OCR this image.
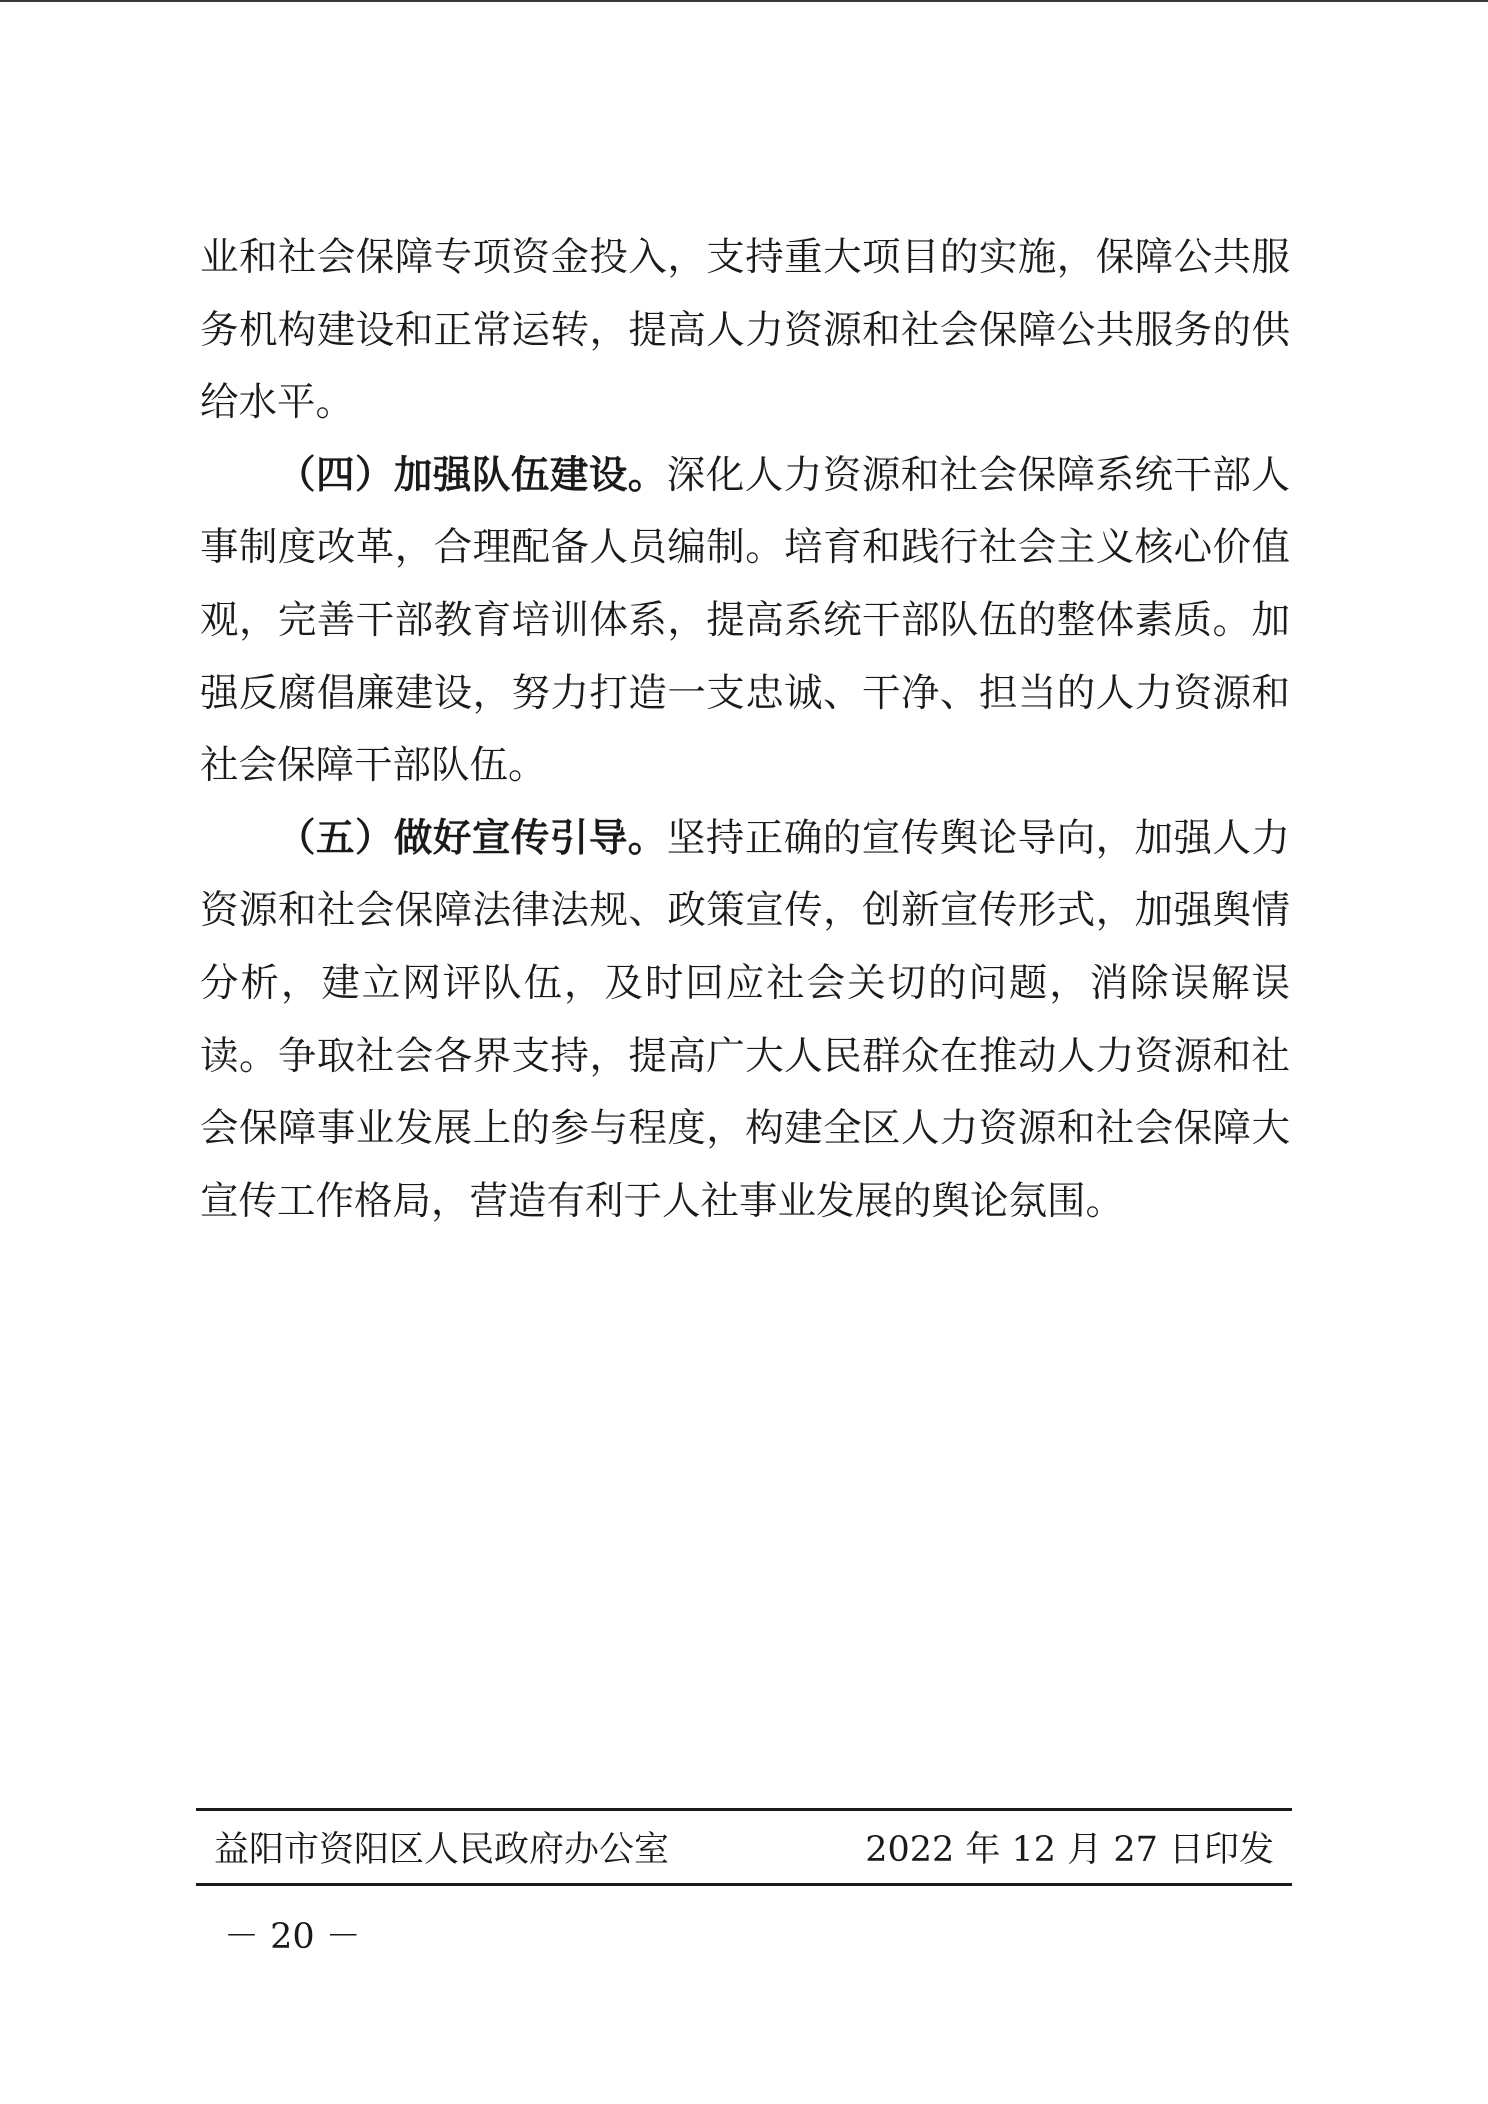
业和社会保障专项资金投入，支持重大项目的实施，保障公共服务机构建设和正常运转，提高人力资源和社会保障公共服务的供给水平。

（四）加强队伍建设。深化人力资源和社会保障系统干部人事制度改革，合理配备人员编制。培育和践行社会主义核心价值观，完善干部教育培训体系，提高系统干部队伍的整体素质。加强反腐倡廉建设，努力打造一支忠诚、干净、担当的人力资源和社会保障干部队伍。

（五）做好宣传引导。坚持正确的宣传舆论导向，加强人力资源和社会保障法律法规、政策宣传，创新宣传形式，加强舆情分析，建立网评队伍，及时回应社会关切的问题，消除误解误读。争取社会各界支持，提高广大人民群众在推动人力资源和社会保障事业发展上的参与程度，构建全区人力资源和社会保障大宣传工作格局，营造有利于人社事业发展的舆论氛围。

益阳市资阳区人民政府办公室	2022 年 12 月 27 日印发
－ 20 －
